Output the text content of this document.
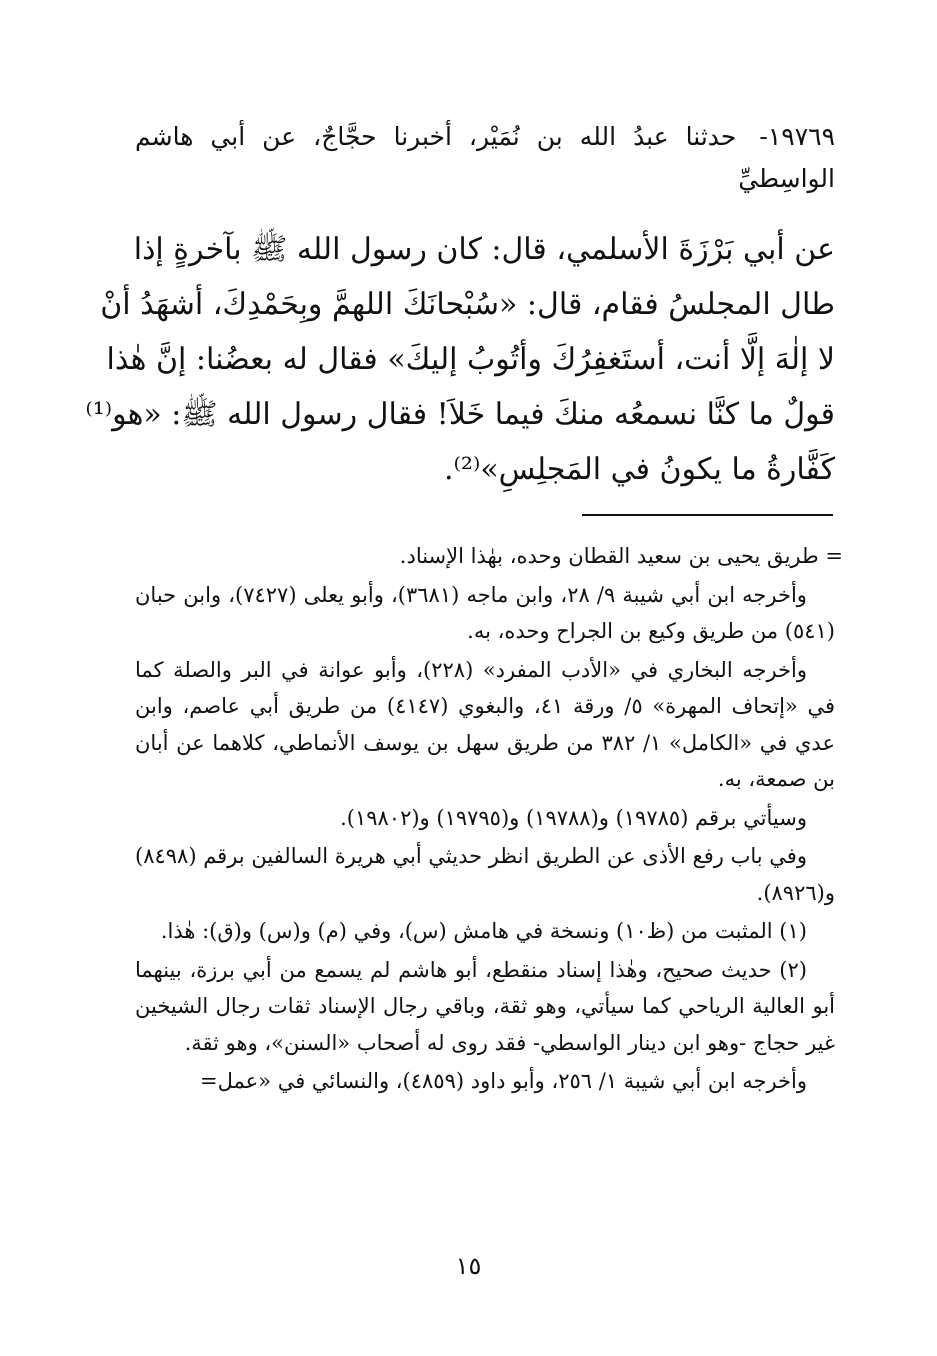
١٩٧٦٩- حدثنا عبدُ الله بن نُمَيْر، أخبرنا حجَّاجٌ، عن أبي هاشم الواسِطيِّ
عن أبي بَرْزَةَ الأسلمي، قال: كان رسول الله ﷺ بآخرةٍ إذا
طال المجلسُ فقام، قال: «سُبْحانَكَ اللهمَّ وبِحَمْدِكَ، أشهَدُ أنْ
لا إلٰهَ إلَّا أنت، أستَغفِرُكَ وأتُوبُ إليكَ» فقال له بعضُنا: إنَّ هٰذا
قولٌ ما كنَّا نسمعُه منكَ فيما خَلاَ! فقال رسول الله ﷺ: «هو⁽¹⁾
كَفَّارةُ ما يكونُ في المَجلِسِ»⁽²⁾.

= طريق يحيى بن سعيد القطان وحده، بهٰذا الإسناد.

وأخرجه ابن أبي شيبة ٩/ ٢٨، وابن ماجه (٣٦٨١)، وأبو يعلى (٧٤٢٧)، وابن حبان (٥٤١) من طريق وكيع بن الجراح وحده، به.

وأخرجه البخاري في «الأدب المفرد» (٢٢٨)، وأبو عوانة في البر والصلة كما في «إتحاف المهرة» ٥/ ورقة ٤١، والبغوي (٤١٤٧) من طريق أبي عاصم، وابن عدي في «الكامل» ١/ ٣٨٢ من طريق سهل بن يوسف الأنماطي، كلاهما عن أبان بن صمعة، به.

وسيأتي برقم (١٩٧٨٥) و(١٩٧٨٨) و(١٩٧٩٥) و(١٩٨٠٢).

وفي باب رفع الأذى عن الطريق انظر حديثي أبي هريرة السالفين برقم (٨٤٩٨) و(٨٩٢٦).

(١) المثبت من (ظ١٠) ونسخة في هامش (س)، وفي (م) و(س) و(ق): هٰذا.

(٢) حديث صحيح، وهٰذا إسناد منقطع، أبو هاشم لم يسمع من أبي برزة، بينهما أبو العالية الرياحي كما سيأتي، وهو ثقة، وباقي رجال الإسناد ثقات رجال الشيخين غير حجاج -وهو ابن دينار الواسطي- فقد روى له أصحاب «السنن»، وهو ثقة.

وأخرجه ابن أبي شيبة ١/ ٢٥٦، وأبو داود (٤٨٥٩)، والنسائي في «عمل=

١٥
